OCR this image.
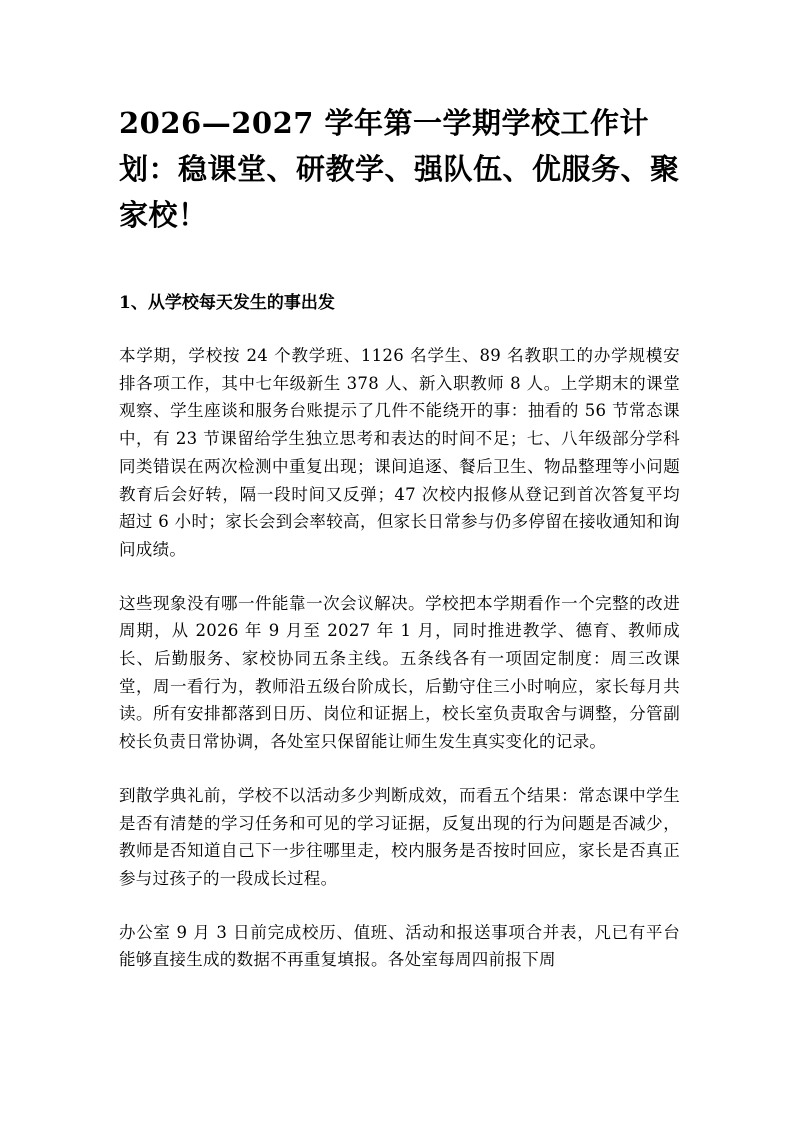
2026—2027 学年第一学期学校工作计划：稳课堂、研教学、强队伍、优服务、聚家校！
1、从学校每天发生的事出发

本学期，学校按 24 个教学班、1126 名学生、89 名教职工的办学规模安排各项工作，其中七年级新生 378 人、新入职教师 8 人。上学期末的课堂观察、学生座谈和服务台账提示了几件不能绕开的事：抽看的 56 节常态课中，有 23 节课留给学生独立思考和表达的时间不足；七、八年级部分学科同类错误在两次检测中重复出现；课间追逐、餐后卫生、物品整理等小问题教育后会好转，隔一段时间又反弹；47 次校内报修从登记到首次答复平均超过 6 小时；家长会到会率较高，但家长日常参与仍多停留在接收通知和询问成绩。

这些现象没有哪一件能靠一次会议解决。学校把本学期看作一个完整的改进周期，从 2026 年 9 月至 2027 年 1 月，同时推进教学、德育、教师成长、后勤服务、家校协同五条主线。五条线各有一项固定制度：周三改课堂，周一看行为，教师沿五级台阶成长，后勤守住三小时响应，家长每月共读。所有安排都落到日历、岗位和证据上，校长室负责取舍与调整，分管副校长负责日常协调，各处室只保留能让师生发生真实变化的记录。

到散学典礼前，学校不以活动多少判断成效，而看五个结果：常态课中学生是否有清楚的学习任务和可见的学习证据，反复出现的行为问题是否减少，教师是否知道自己下一步往哪里走，校内服务是否按时回应，家长是否真正参与过孩子的一段成长过程。

办公室 9 月 3 日前完成校历、值班、活动和报送事项合并表，凡已有平台能够直接生成的数据不再重复填报。各处室每周四前报下周
